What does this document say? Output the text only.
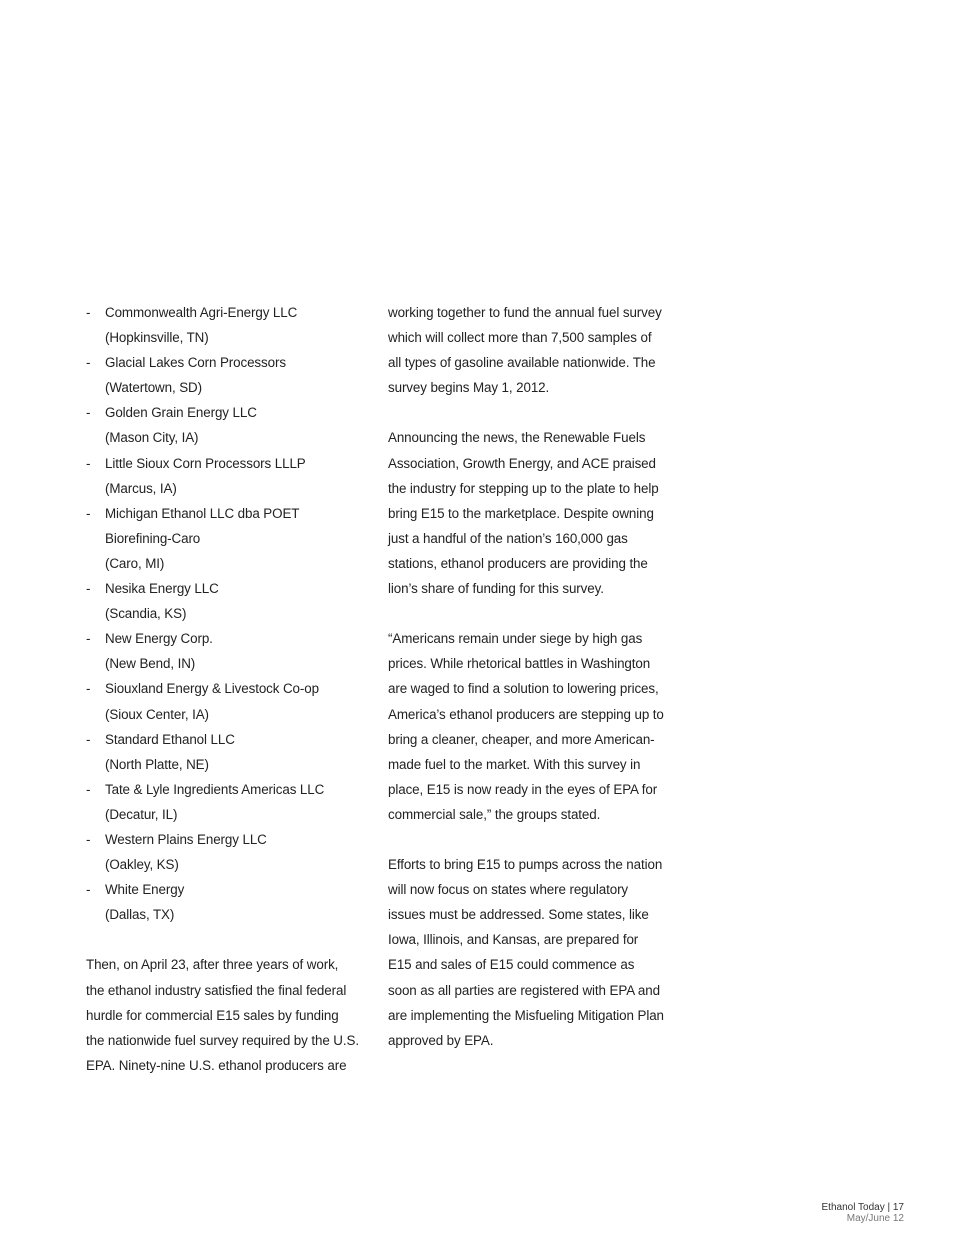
-	Commonwealth Agri-Energy LLC
(Hopkinsville, TN)
-	Glacial Lakes Corn Processors
(Watertown, SD)
-	Golden Grain Energy LLC
(Mason City, IA)
-	Little Sioux Corn Processors LLLP
(Marcus, IA)
-	Michigan Ethanol LLC dba POET
Biorefining-Caro
(Caro, MI)
-	Nesika Energy LLC
(Scandia, KS)
-	New Energy Corp.
(New Bend, IN)
-	Siouxland Energy & Livestock Co-op
(Sioux Center, IA)
-	Standard Ethanol LLC
(North Platte, NE)
-	Tate & Lyle Ingredients Americas LLC
(Decatur, IL)
-	Western Plains Energy LLC
(Oakley, KS)
-	White Energy
(Dallas, TX)
Then, on April 23, after three years of work,
the ethanol industry satisfied the final federal
hurdle for commercial E15 sales by funding
the nationwide fuel survey required by the U.S.
EPA. Ninety-nine U.S. ethanol producers are
working together to fund the annual fuel survey
which will collect more than 7,500 samples of
all types of gasoline available nationwide. The
survey begins May 1, 2012.
Announcing the news, the Renewable Fuels
Association, Growth Energy, and ACE praised
the industry for stepping up to the plate to help
bring E15 to the marketplace. Despite owning
just a handful of the nation’s 160,000 gas
stations, ethanol producers are providing the
lion’s share of funding for this survey.
“Americans remain under siege by high gas
prices. While rhetorical battles in Washington
are waged to find a solution to lowering prices,
America’s ethanol producers are stepping up to
bring a cleaner, cheaper, and more American-
made fuel to the market. With this survey in
place, E15 is now ready in the eyes of EPA for
commercial sale,” the groups stated.
Efforts to bring E15 to pumps across the nation
will now focus on states where regulatory
issues must be addressed. Some states, like
Iowa, Illinois, and Kansas, are prepared for
E15 and sales of E15 could commence as
soon as all parties are registered with EPA and
are implementing the Misfueling Mitigation Plan
approved by EPA.
Ethanol Today | 17
May/June 12
